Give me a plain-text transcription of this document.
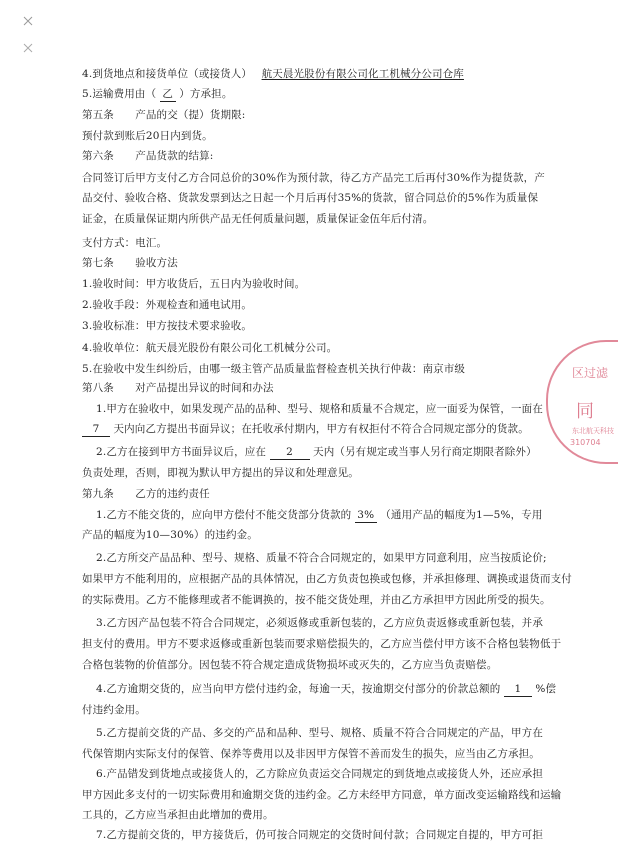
4.到货地点和接货单位（或接货人） 航天晨光股份有限公司化工机械分公司仓库
5.运输费用由（ 乙 ）方承担。
第五条　　产品的交（提）货期限:
预付款到账后20日内到货。
第六条　　产品货款的结算:
合同签订后甲方支付乙方合同总价的30%作为预付款，待乙方产品完工后再付30%作为提货款，产
品交付、验收合格、货款发票到达之日起一个月后再付35%的货款，留合同总价的5%作为质量保
证金，在质量保证期内所供产品无任何质量问题，质量保证金伍年后付清。
支付方式：电汇。
第七条　　验收方法
1.验收时间：甲方收货后，五日内为验收时间。
2.验收手段：外观检查和通电试用。
3.验收标准：甲方按技术要求验收。
4.验收单位：航天晨光股份有限公司化工机械分公司。
5.在验收中发生纠纷后，由哪一级主管产品质量监督检查机关执行仲裁：南京市级
第八条　　对产品提出异议的时间和办法
1.甲方在验收中，如果发现产品的品种、型号、规格和质量不合规定，应一面妥为保管，一面在
7 天内向乙方提出书面异议；在托收承付期内，甲方有权拒付不符合合同规定部分的货款。
2.乙方在接到甲方书面异议后，应在 2 天内（另有规定或当事人另行商定期限者除外）
负责处理，否则，即视为默认甲方提出的异议和处理意见。
第九条　　乙方的违约责任
1.乙方不能交货的，应向甲方偿付不能交货部分货款的 3% （通用产品的幅度为1—5%，专用
产品的幅度为10—30%）的违约金。
2.乙方所交产品品种、型号、规格、质量不符合合同规定的，如果甲方同意利用，应当按质论价;
如果甲方不能利用的，应根据产品的具体情况，由乙方负责包换或包修，并承担修理、调换或退货而支付
的实际费用。乙方不能修理或者不能调换的，按不能交货处理，并由乙方承担甲方因此所受的损失。
3.乙方因产品包装不符合合同规定，必须返修或重新包装的，乙方应负责返修或重新包装，并承
担支付的费用。甲方不要求返修或重新包装而要求赔偿损失的，乙方应当偿付甲方该不合格包装物低于
合格包装物的价值部分。因包装不符合规定造成货物损坏或灭失的，乙方应当负责赔偿。
4.乙方逾期交货的，应当向甲方偿付违约金，每逾一天，按逾期交付部分的价款总额的 1 %偿
付违约金用。
5.乙方提前交货的产品、多交的产品和品种、型号、规格、质量不符合合同规定的产品，甲方在
代保管期内实际支付的保管、保养等费用以及非因甲方保管不善而发生的损失，应当由乙方承担。
6.产品错发到货地点或接货人的，乙方除应负责运交合同规定的到货地点或接货人外，还应承担
甲方因此多支付的一切实际费用和逾期交货的违约金。乙方未经甲方同意，单方面改变运输路线和运输
工具的，乙方应当承担由此增加的费用。
7.乙方提前交货的，甲方接货后，仍可按合同规定的交货时间付款；合同规定自提的，甲方可拒
区过滤
同
东北航天科技
310704
